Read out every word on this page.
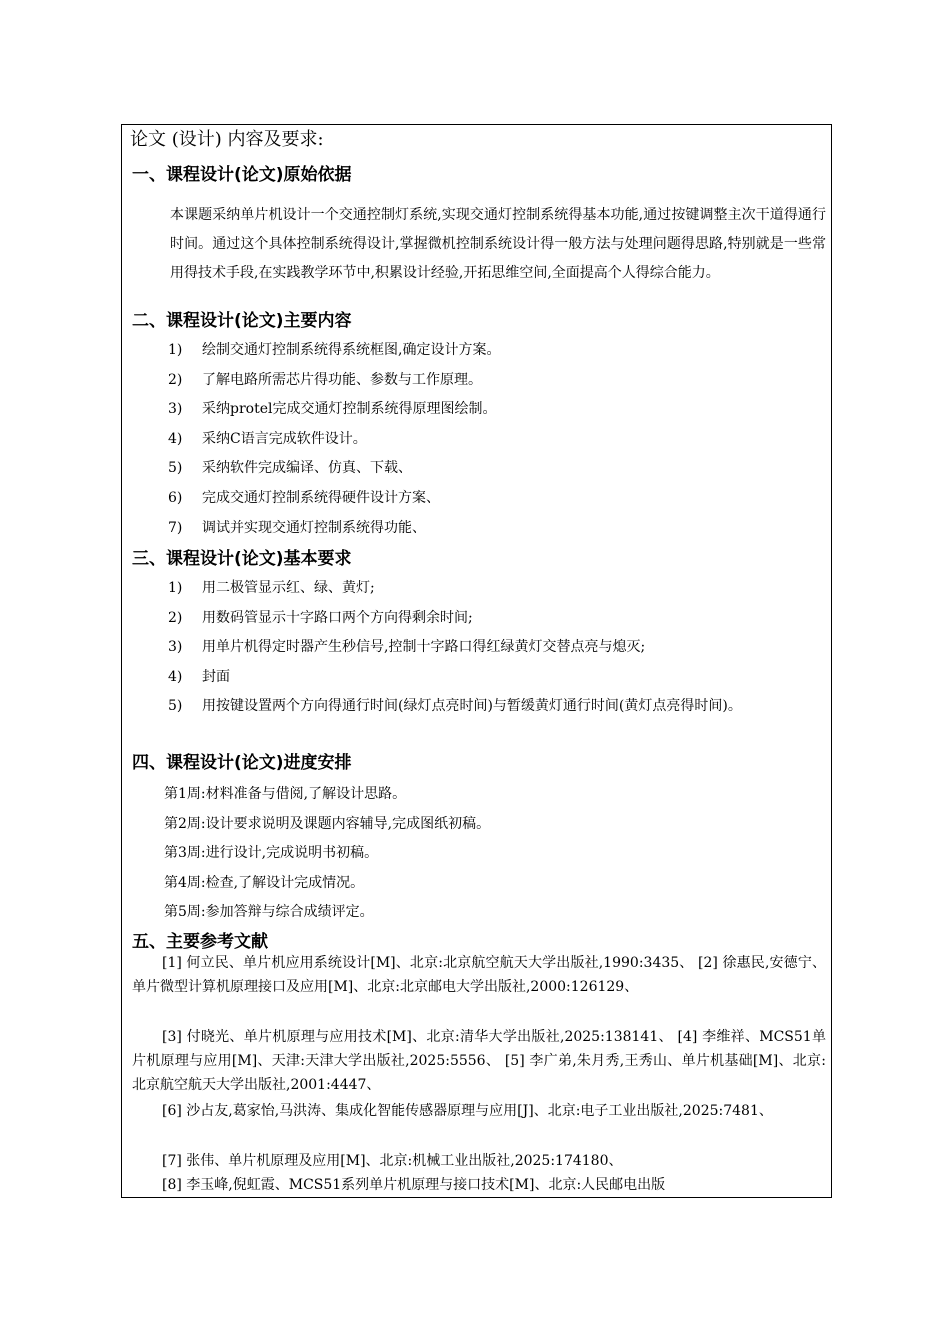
论文 (设计) 内容及要求:
一、课程设计(论文)原始依据
本课题采纳单片机设计一个交通控制灯系统,实现交通灯控制系统得基本功能,通过按键调整主次干道得通行时间。通过这个具体控制系统得设计,掌握微机控制系统设计得一般方法与处理问题得思路,特别就是一些常用得技术手段,在实践教学环节中,积累设计经验,开拓思维空间,全面提高个人得综合能力。
二、课程设计(论文)主要内容
1)	绘制交通灯控制系统得系统框图,确定设计方案。
2)	了解电路所需芯片得功能、参数与工作原理。
3)	采纳protel完成交通灯控制系统得原理图绘制。
4)	采纳C语言完成软件设计。
5)	采纳软件完成编译、仿真、下载、
6)	完成交通灯控制系统得硬件设计方案、
7)	调试并实现交通灯控制系统得功能、
三、课程设计(论文)基本要求
1)	用二极管显示红、绿、黄灯;
2)	用数码管显示十字路口两个方向得剩余时间;
3)	用单片机得定时器产生秒信号,控制十字路口得红绿黄灯交替点亮与熄灭;
4)	封面
5)	用按键设置两个方向得通行时间(绿灯点亮时间)与暂缓黄灯通行时间(黄灯点亮得时间)。
四、课程设计(论文)进度安排
第1周:材料准备与借阅,了解设计思路。
第2周:设计要求说明及课题内容辅导,完成图纸初稿。
第3周:进行设计,完成说明书初稿。
第4周:检查,了解设计完成情况。
第5周:参加答辩与综合成绩评定。
五、主要参考文献
[1] 何立民、单片机应用系统设计[M]、北京:北京航空航天大学出版社,1990:3435、 [2] 徐惠民,安德宁、 单片微型计算机原理接口及应用[M]、北京:北京邮电大学出版社,2000:126129、
[3] 付晓光、单片机原理与应用技术[M]、北京:清华大学出版社,2025:138141、 [4] 李维祥、MCS51单片机原理与应用[M]、天津:天津大学出版社,2025:5556、 [5] 李广弟,朱月秀,王秀山、单片机基础[M]、北京:北京航空航天大学出版社,2001:4447、
[6] 沙占友,葛家怡,马洪涛、集成化智能传感器原理与应用[J]、北京:电子工业出版社,2025:7481、
[7] 张伟、单片机原理及应用[M]、北京:机械工业出版社,2025:174180、
[8] 李玉峰,倪虹霞、MCS51系列单片机原理与接口技术[M]、北京:人民邮电出版
